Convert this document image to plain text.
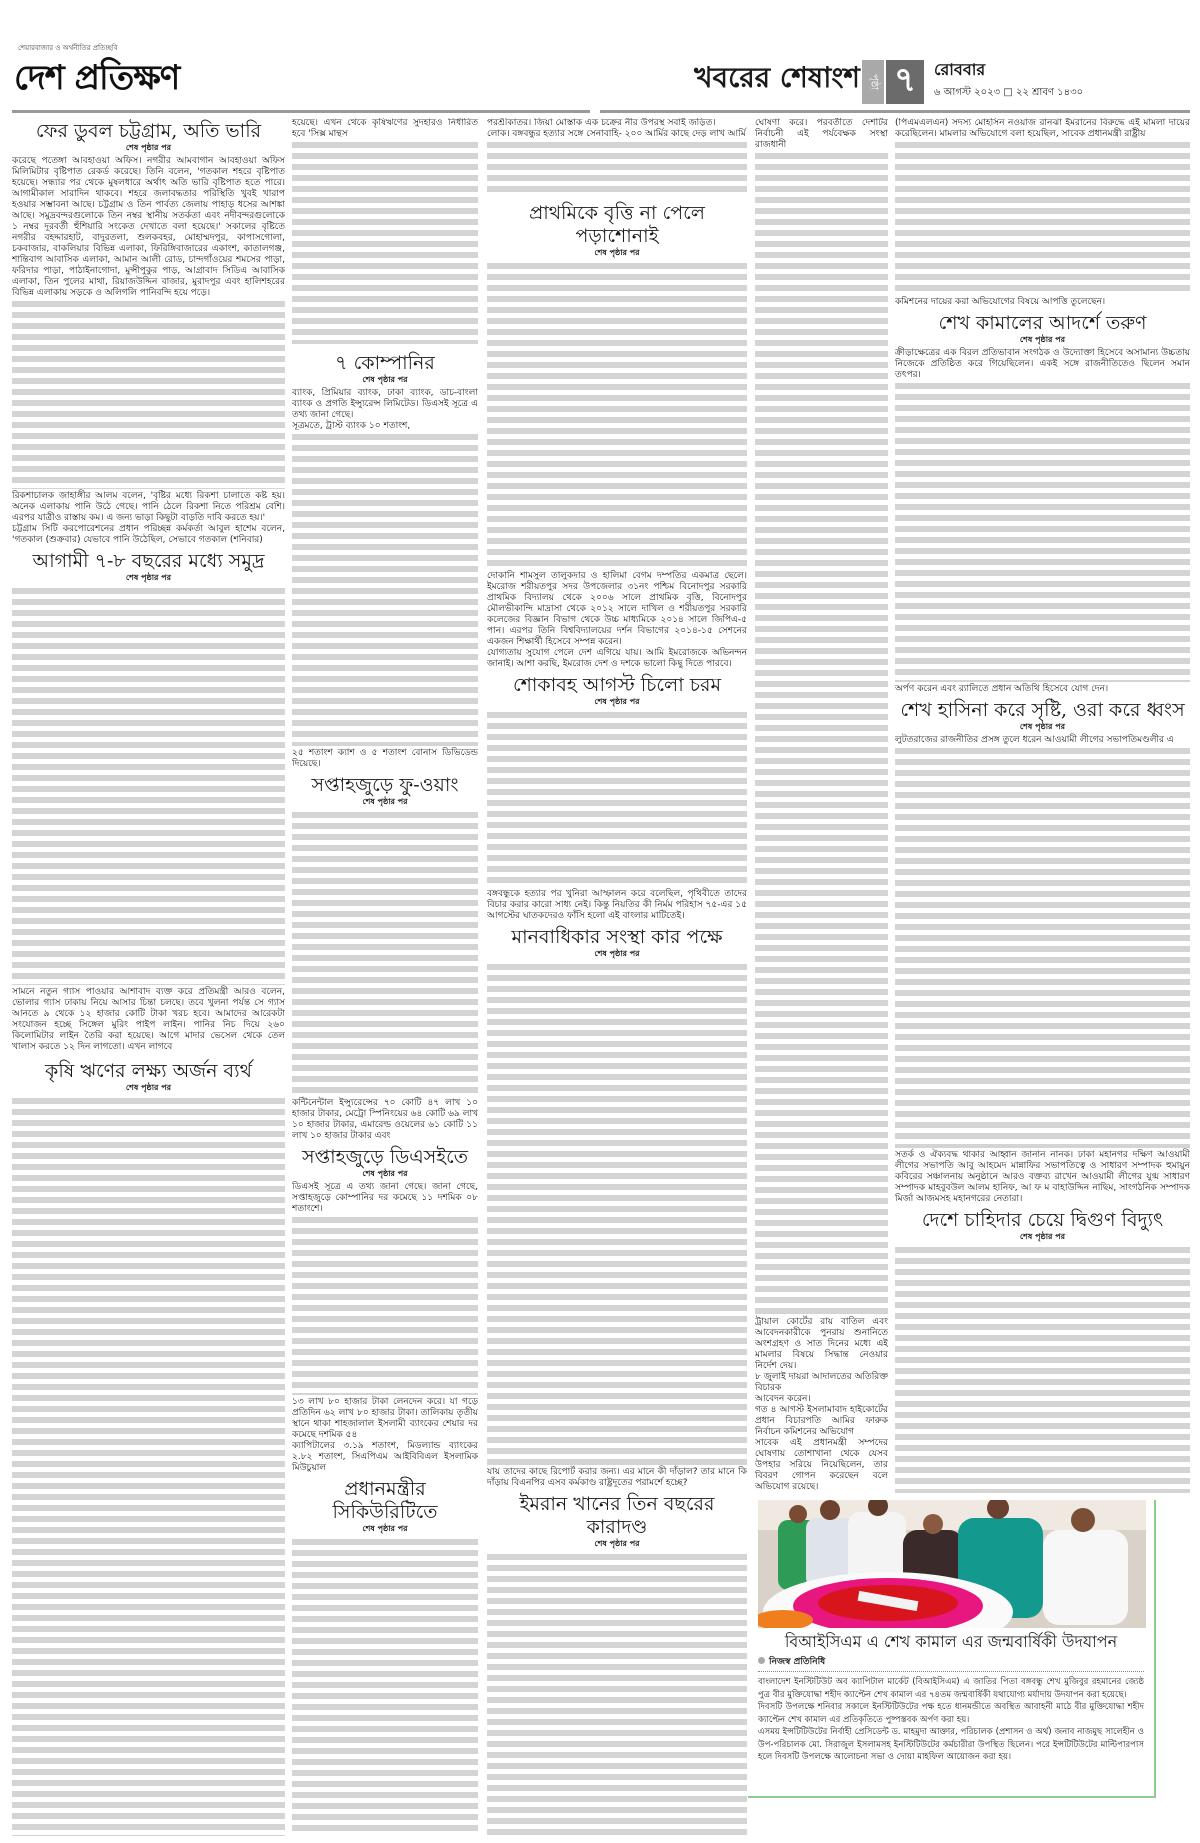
শেয়ারবাজার ও অর্থনীতির প্রতিচ্ছবি
দেশ প্রতিক্ষণ	খবরের শেষাংশ পৃষ্ঠা ৭	রোববার
৬ আগস্ট ২০২৩ □ ২২ শ্রাবণ ১৪৩০
ফের ডুবল চট্টগ্রাম, অতি ভারি
শেষ পৃষ্ঠার পর

করেছে পতেঙ্গা আবহাওয়া অফিস। নগরীর আমবাগান আবহাওয়া অফিস মিলিমিটার বৃষ্টিপাত রেকর্ড করেছে। তিনি বলেন, 'গতকাল শহরে বৃষ্টিপাত হয়েছে। সন্ধ্যার পর থেকে মুষলধারে অর্থাৎ অতি ভারি বৃষ্টিপাত হতে পারে। আগামীকাল সারাদিন থাকবে। শহরে জলাবদ্ধতার পরিস্থিতি খুবই খারাপ হওয়ার সম্ভাবনা আছে। চট্টগ্রাম ও তিন পার্বত্য জেলায় পাহাড় ধসের আশঙ্কা আছে। সমুদ্রবন্দরগুলোকে তিন নম্বর স্থানীয় সতর্কতা এবং নদীবন্দরগুলোকে ১ নম্বর দূরবর্তী হুঁশিয়ারি সংকেত দেখাতে বলা হয়েছে।' সকালের বৃষ্টিতে নগরীর বহদ্দারহাট, বাদুরতলা, শুলকবহর, মোহাম্মদপুর, কাপাসগোলা, চকবাজার, বাকলিয়ার বিভিন্ন এলাকা, ফিরিঙ্গিবাজারের একাংশ, কাতালগঞ্জ, শান্তিবাগ আবাসিক এলাকা, আমান আলী রোড, চান্দগাঁওয়ের শমসের পাড়া, ফরিদার পাড়া, পাঠাইনাগোদা, মুন্সীপুকুর পাড়, আগ্রাবাদ সিডিএ আবাসিক এলাকা, তিন পুলের মাথা, রিয়াজউদ্দিন বাজার, মুরাদপুর এবং হালিশহরের বিভিন্ন এলাকায় সড়কে ও অলিগলি পানিবন্দি হয়ে পড়ে।

রিকশাচালক জাহাঙ্গীর আলম বলেন, 'বৃষ্টির মধ্যে রিকশা চালাতে কষ্ট হয়। অনেক এলাকায় পানি উঠে গেছে। পানি ঠেলে রিকশা নিতে পরিশ্রম বেশি। এরপর যাত্রীও রাস্তায় কম। এ জন্য ভাড়া কিছুটা বাড়তি দাবি করতে হয়।'

চট্টগ্রাম সিটি করপোরেশনের প্রধান পরিচ্ছন্ন কর্মকর্তা আবুল হাশেম বলেন, 'গতকাল (শুক্রবার) যেভাবে পানি উঠেছিল, সেভাবে গতকাল (শনিবার)

আগামী ৭-৮ বছরের মধ্যে সমুদ্র
শেষ পৃষ্ঠার পর

সামনে নতুন গ্যাস পাওয়ার আশাবাদ ব্যক্ত করে প্রতিমন্ত্রী আরও বলেন, ভোলার গ্যাস ঢাকায় নিয়ে আসার চিন্তা চলছে। তবে খুলনা পর্যন্ত সে গ্যাস আনতে ৯ থেকে ১২ হাজার কোটি টাকা খরচ হবে। আমাদের আরেকটা সংযোজন হচ্ছে সিঙ্গেল মুরিং পাইপ লাইন। পানির নিচ দিয়ে ২৬০ কিলোমিটার লাইন তৈরি করা হয়েছে। আগে মাদার ভেসেল থেকে তেল খালাস করতে ১২ দিন লাগতো। এখন লাগবে

কৃষি ঋণের লক্ষ্য অর্জন ব্যর্থ
শেষ পৃষ্ঠার পর

হয়েছে। এখন থেকে কৃষিঋণের সুদহারও নির্ধারিত হবে 'সিক্স মান্থস

৭ কোম্পানির
শেষ পৃষ্ঠার পর

ব্যাংক, প্রিমিয়ার ব্যাংক, ঢাকা ব্যাংক, ডাচ-বাংলা ব্যাংক ও প্রগতি ইন্স্যুরেন্স লিমিটেড। ডিএসই সূত্রে এ তথ্য জানা গেছে।

সূত্রমতে, ট্রাস্ট ব্যাংক ১০ শতাংশ,

২৫ শতাংশ ক্যাশ ও ৫ শতাংশ বোনাস ডিভিডেন্ড দিয়েছে।

সপ্তাহজুড়ে ফু-ওয়াং
শেষ পৃষ্ঠার পর

কন্টিনেন্টাল ইন্স্যুরেন্সের ৭০ কোটি ৪৭ লাখ ১০ হাজার টাকার, মেট্রো স্পিনিংয়ের ৬৪ কোটি ৬৯ লাখ ১০ হাজার টাকার, এমারেল্ড ওয়েলের ৬১ কোটি ১১ লাখ ১০ হাজার টাকার এবং

সপ্তাহজুড়ে ডিএসইতে
শেষ পৃষ্ঠার পর

ডিএসই সূত্রে এ তথ্য জানা গেছে। জানা গেছে, সপ্তাহজুড়ে কোম্পানির দর কমেছে ১১ দশমিক ০৮ শতাংশে।

১৩ লাখ ৮০ হাজার টাকা লেনদেন করে। যা গড়ে প্রতিদিন ৬২ লাখ ৮০ হাজার টাকা। তালিকায় তৃতীয় স্থানে থাকা শাহজালাল ইসলামী ব্যাংকের শেয়ার দর কমেছে দশমিক ৫৪

ক্যাপিটালের ৩.১৯ শতাংশ, মিডল্যান্ড ব্যাংকের ২.৮২ শতাংশ, সিএপিএম আইবিবিএল ইসলামিক মিউচুয়াল

প্রধানমন্ত্রীর সিকিউরিটিতে
শেষ পৃষ্ঠার পর

পরশ্রীকাতর। জিয়া মোস্তাক এক চক্রের নীর উপরস্থ সবাই জড়িত।

লোক। বঙ্গবন্ধুর হত্যার সঙ্গে সেনাবাহি- ২০০ আর্মির কাছে দেড় লাখ আর্মি

প্রাথমিকে বৃত্তি না পেলে পড়াশোনাই
শেষ পৃষ্ঠার পর

দোকানি শামসুল তালুকদার ও হালিমা বেগম দম্পতির একমাত্র ছেলে। ইমরোজ শরীয়তপুর সদর উপজেলার ৩১নং পশ্চিম বিনোদপুর সরকারি প্রাথমিক বিদ্যালয় থেকে ২০০৬ সালে প্রাথমিক বৃত্তি, বিনোদপুর মৌলভীকান্দি মাদ্রাসা থেকে ২০১২ সালে দাখিল ও শরীয়তপুর সরকারি কলেজের বিজ্ঞান বিভাগ থেকে উচ্চ মাধ্যমিকে ২০১৪ সালে জিপিএ-৫ পান। এরপর তিনি বিশ্ববিদ্যালয়ের দর্শন বিভাগের ২০১৪-১৫ সেশনের একজন শিক্ষার্থী হিসেবে সম্পন্ন করেন।

যোগ্যতায় সুযোগ পেলে দেশ এগিয়ে যায়। আমি ইমরোজকে অভিনন্দন জানাই। আশা করছি, ইমরোজ দেশ ও দশকে ভালো কিছু দিতে পারবে।

শোকাবহ আগস্ট চিলো চরম
শেষ পৃষ্ঠার পর

বঙ্গবন্ধুকে হত্যার পর খুনিরা আস্ফালন করে বলেছিল, পৃথিবীতে তাদের বিচার করার কারো সাধ্য নেই। কিন্তু নিয়তির কী নির্মম পরিহাস ৭৫-এর ১৫ আগস্টের ঘাতকদেরও ফাঁসি হলো এই বাংলার মাটিতেই।

মানবাধিকার সংস্থা কার পক্ষে
শেষ পৃষ্ঠার পর

যায় তাদের কাছে রিপোর্ট করার জন্য। এর মানে কী দাঁড়াল? তার মানে কি দাঁড়ায় বিএনপির এসব কর্মকাণ্ড রাষ্ট্রদূতের পরামর্শে হচ্ছে?

ইমরান খানের তিন বছরের কারাদণ্ড
শেষ পৃষ্ঠার পর

ঘোষণা করে। পরবর্তীতে দেশটির নির্বাচনী এই পর্যবেক্ষক সংস্থা রাজধানী

ট্রায়াল কোর্টের রায় বাতিল এবং আবেদনকারীকে পুনরায় শুনানিতে অংশগ্রহণ ও সাত দিনের মধ্যে এই মামলার বিষয়ে সিদ্ধান্ত নেওয়ার নির্দেশ দেয়।

৮ জুলাই দায়রা আদালতের অতিরিক্ত বিচারক

আবেদন করেন।

গত ৪ আগস্ট ইসলামাবাদ হাইকোর্টের প্রধান বিচারপতি আমির ফারুক নির্বাচন কমিশনের অভিযোগ

সাবেক এই প্রধানমন্ত্রী সম্পদের ঘোষণায় তোশাখানা থেকে যেসব উপহার সরিয়ে নিয়েছিলেন, তার বিবরণ গোপন করেছেন বলে অভিযোগ রয়েছে।

(পিএমএলএন) সদস্য মোহসিন নওয়াজ রানঝা ইমরানের বিরুদ্ধে এই মামলা দায়ের করেছিলেন। মামলার অভিযোগে বলা হয়েছিল, সাবেক প্রধানমন্ত্রী রাষ্ট্রীয়

কমিশনের দায়ের করা অভিযোগের বিষয়ে আপত্তি তুলেছেন।

শেখ কামালের আদর্শে তরুণ
শেষ পৃষ্ঠার পর

ক্রীড়াক্ষেত্রের এক বিরল প্রতিভাবান সংগঠক ও উদ্যোক্তা হিসেবে অসামান্য উচ্চতায় নিজেকে প্রতিষ্ঠিত করে গিয়েছিলেন। একই সঙ্গে রাজনীতিতেও ছিলেন সমান তৎপর।

অর্পণ করেন এবং র‍্যালিতে প্রধান অতিথি হিসেবে যোগ দেন।

শেখ হাসিনা করে সৃষ্টি, ওরা করে ধ্বংস
শেষ পৃষ্ঠার পর

লুটতরাজের রাজনীতির প্রসঙ্গ তুলে ধরেন আওয়ামী লীগের সভাপতিমণ্ডলীর এ

সতর্ক ও ঐক্যবদ্ধ থাকার আহ্বান জানান নানক। ঢাকা মহানগর দক্ষিণ আওয়ামী লীগের সভাপতি আবু আহমেদ মান্নাফির সভাপতিত্বে ও সাধারণ সম্পাদক হুমায়ুন কবিরের সঞ্চালনায় অনুষ্ঠানে আরও বক্তব্য রাখেন আওয়ামী লীগের যুগ্ম সাধারণ সম্পাদক মাহবুবউল আলম হানিফ, আ ফ ম বাহাউদ্দিন নাছিম, সাংগঠনিক সম্পাদক মির্জা আজমসহ মহানগরের নেতারা।

দেশে চাহিদার চেয়ে দ্বিগুণ বিদ্যুৎ
শেষ পৃষ্ঠার পর
বিআইসিএম এ শেখ কামাল এর জন্মবার্ষিকী উদযাপন
নিজস্ব প্রতিনিধি

বাংলাদেশ ইনস্টিটিউট অব ক্যাপিটাল মার্কেট (বিআইসিএম) এ জাতির পিতা বঙ্গবন্ধু শেখ মুজিবুর রহমানের জ্যেষ্ঠ পুত্র বীর মুক্তিযোদ্ধা শহীদ ক্যাপ্টেন শেখ কামাল এর ৭৪তম জন্মবার্ষিকী যথাযোগ্য মর্যাদায় উদযাপন করা হয়েছে।

দিবসটি উপলক্ষে শনিবার সকালে ইনস্টিটিউটের পক্ষ হতে ধানমন্ডীতে অবস্থিত আবাহনী মাঠে বীর মুক্তিযোদ্ধা শহীদ ক্যাপ্টেন শেখ কামাল এর প্রতিকৃতিতে পুষ্পস্তবক অর্পণ করা হয়।

এসময় ইন্সটিটিউটের নির্বাহী প্রেসিডেন্ট ড. মাহমুদা আক্তার, পরিচালক (প্রশাসন ও অর্থ) জনাব নাজমুছ সালেহীন ও উপ-পরিচালক মো. সিরাজুল ইসলামসহ ইনস্টিটিউটের কর্মচারীরা উপস্থিত ছিলেন। পরে ইন্সটিটিউটের মাল্টিপারপাস হলে দিবসটি উপলক্ষে আলোচনা সভা ও দোয়া মাহফিল আয়োজন করা হয়।
